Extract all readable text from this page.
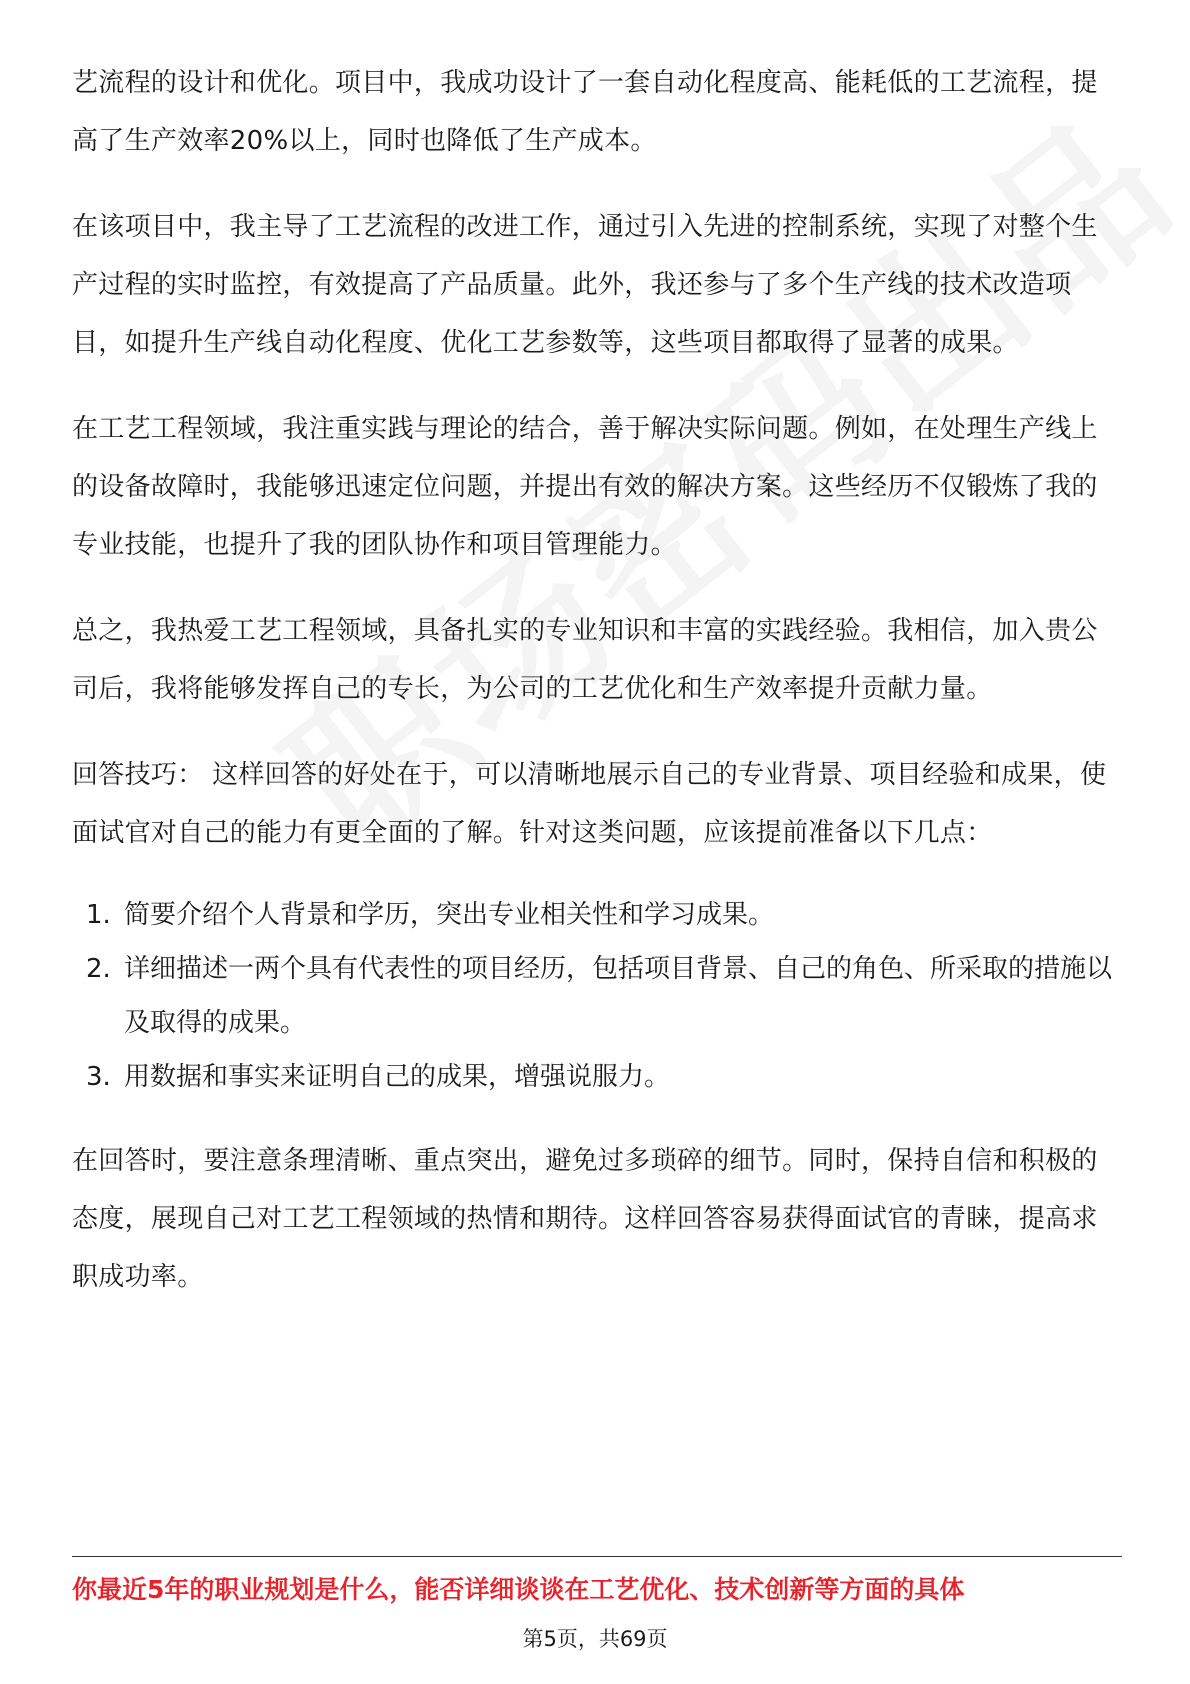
艺流程的设计和优化。项目中，我成功设计了一套自动化程度高、能耗低的工艺流程，提高了生产效率20%以上，同时也降低了生产成本。

在该项目中，我主导了工艺流程的改进工作，通过引入先进的控制系统，实现了对整个生产过程的实时监控，有效提高了产品质量。此外，我还参与了多个生产线的技术改造项目，如提升生产线自动化程度、优化工艺参数等，这些项目都取得了显著的成果。

在工艺工程领域，我注重实践与理论的结合，善于解决实际问题。例如，在处理生产线上的设备故障时，我能够迅速定位问题，并提出有效的解决方案。这些经历不仅锻炼了我的专业技能，也提升了我的团队协作和项目管理能力。

总之，我热爱工艺工程领域，具备扎实的专业知识和丰富的实践经验。我相信，加入贵公司后，我将能够发挥自己的专长，为公司的工艺优化和生产效率提升贡献力量。

回答技巧： 这样回答的好处在于，可以清晰地展示自己的专业背景、项目经验和成果，使面试官对自己的能力有更全面的了解。针对这类问题，应该提前准备以下几点：

1. 简要介绍个人背景和学历，突出专业相关性和学习成果。
2. 详细描述一两个具有代表性的项目经历，包括项目背景、自己的角色、所采取的措施以及取得的成果。
3. 用数据和事实来证明自己的成果，增强说服力。

在回答时，要注意条理清晰、重点突出，避免过多琐碎的细节。同时，保持自信和积极的态度，展现自己对工艺工程领域的热情和期待。这样回答容易获得面试官的青睐，提高求职成功率。

你最近5年的职业规划是什么，能否详细谈谈在工艺优化、技术创新等方面的具体
第5页，共69页
